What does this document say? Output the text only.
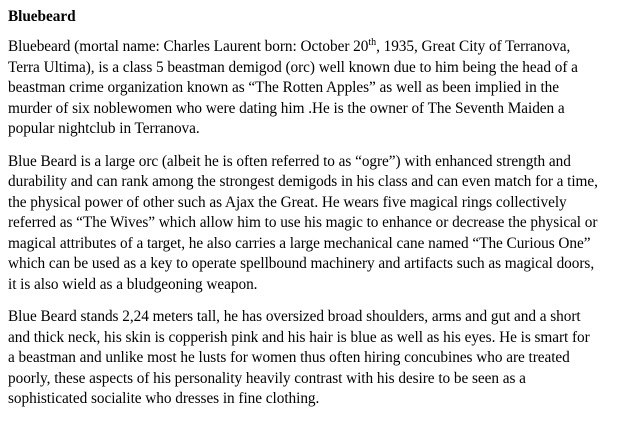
Bluebeard

Bluebeard (mortal name: Charles Laurent born: October 20th, 1935, Great City of Terranova,
Terra Ultima), is a class 5 beastman demigod (orc) well known due to him being the head of a
beastman crime organization known as “The Rotten Apples” as well as been implied in the
murder of six noblewomen who were dating him .He is the owner of The Seventh Maiden a
popular nightclub in Terranova.

Blue Beard is a large orc (albeit he is often referred to as “ogre”) with enhanced strength and
durability and can rank among the strongest demigods in his class and can even match for a time,
the physical power of other such as Ajax the Great. He wears five magical rings collectively
referred as “The Wives” which allow him to use his magic to enhance or decrease the physical or
magical attributes of a target, he also carries a large mechanical cane named “The Curious One”
which can be used as a key to operate spellbound machinery and artifacts such as magical doors,
it is also wield as a bludgeoning weapon.

Blue Beard stands 2,24 meters tall, he has oversized broad shoulders, arms and gut and a short
and thick neck, his skin is copperish pink and his hair is blue as well as his eyes. He is smart for
a beastman and unlike most he lusts for women thus often hiring concubines who are treated
poorly, these aspects of his personality heavily contrast with his desire to be seen as a
sophisticated socialite who dresses in fine clothing.
